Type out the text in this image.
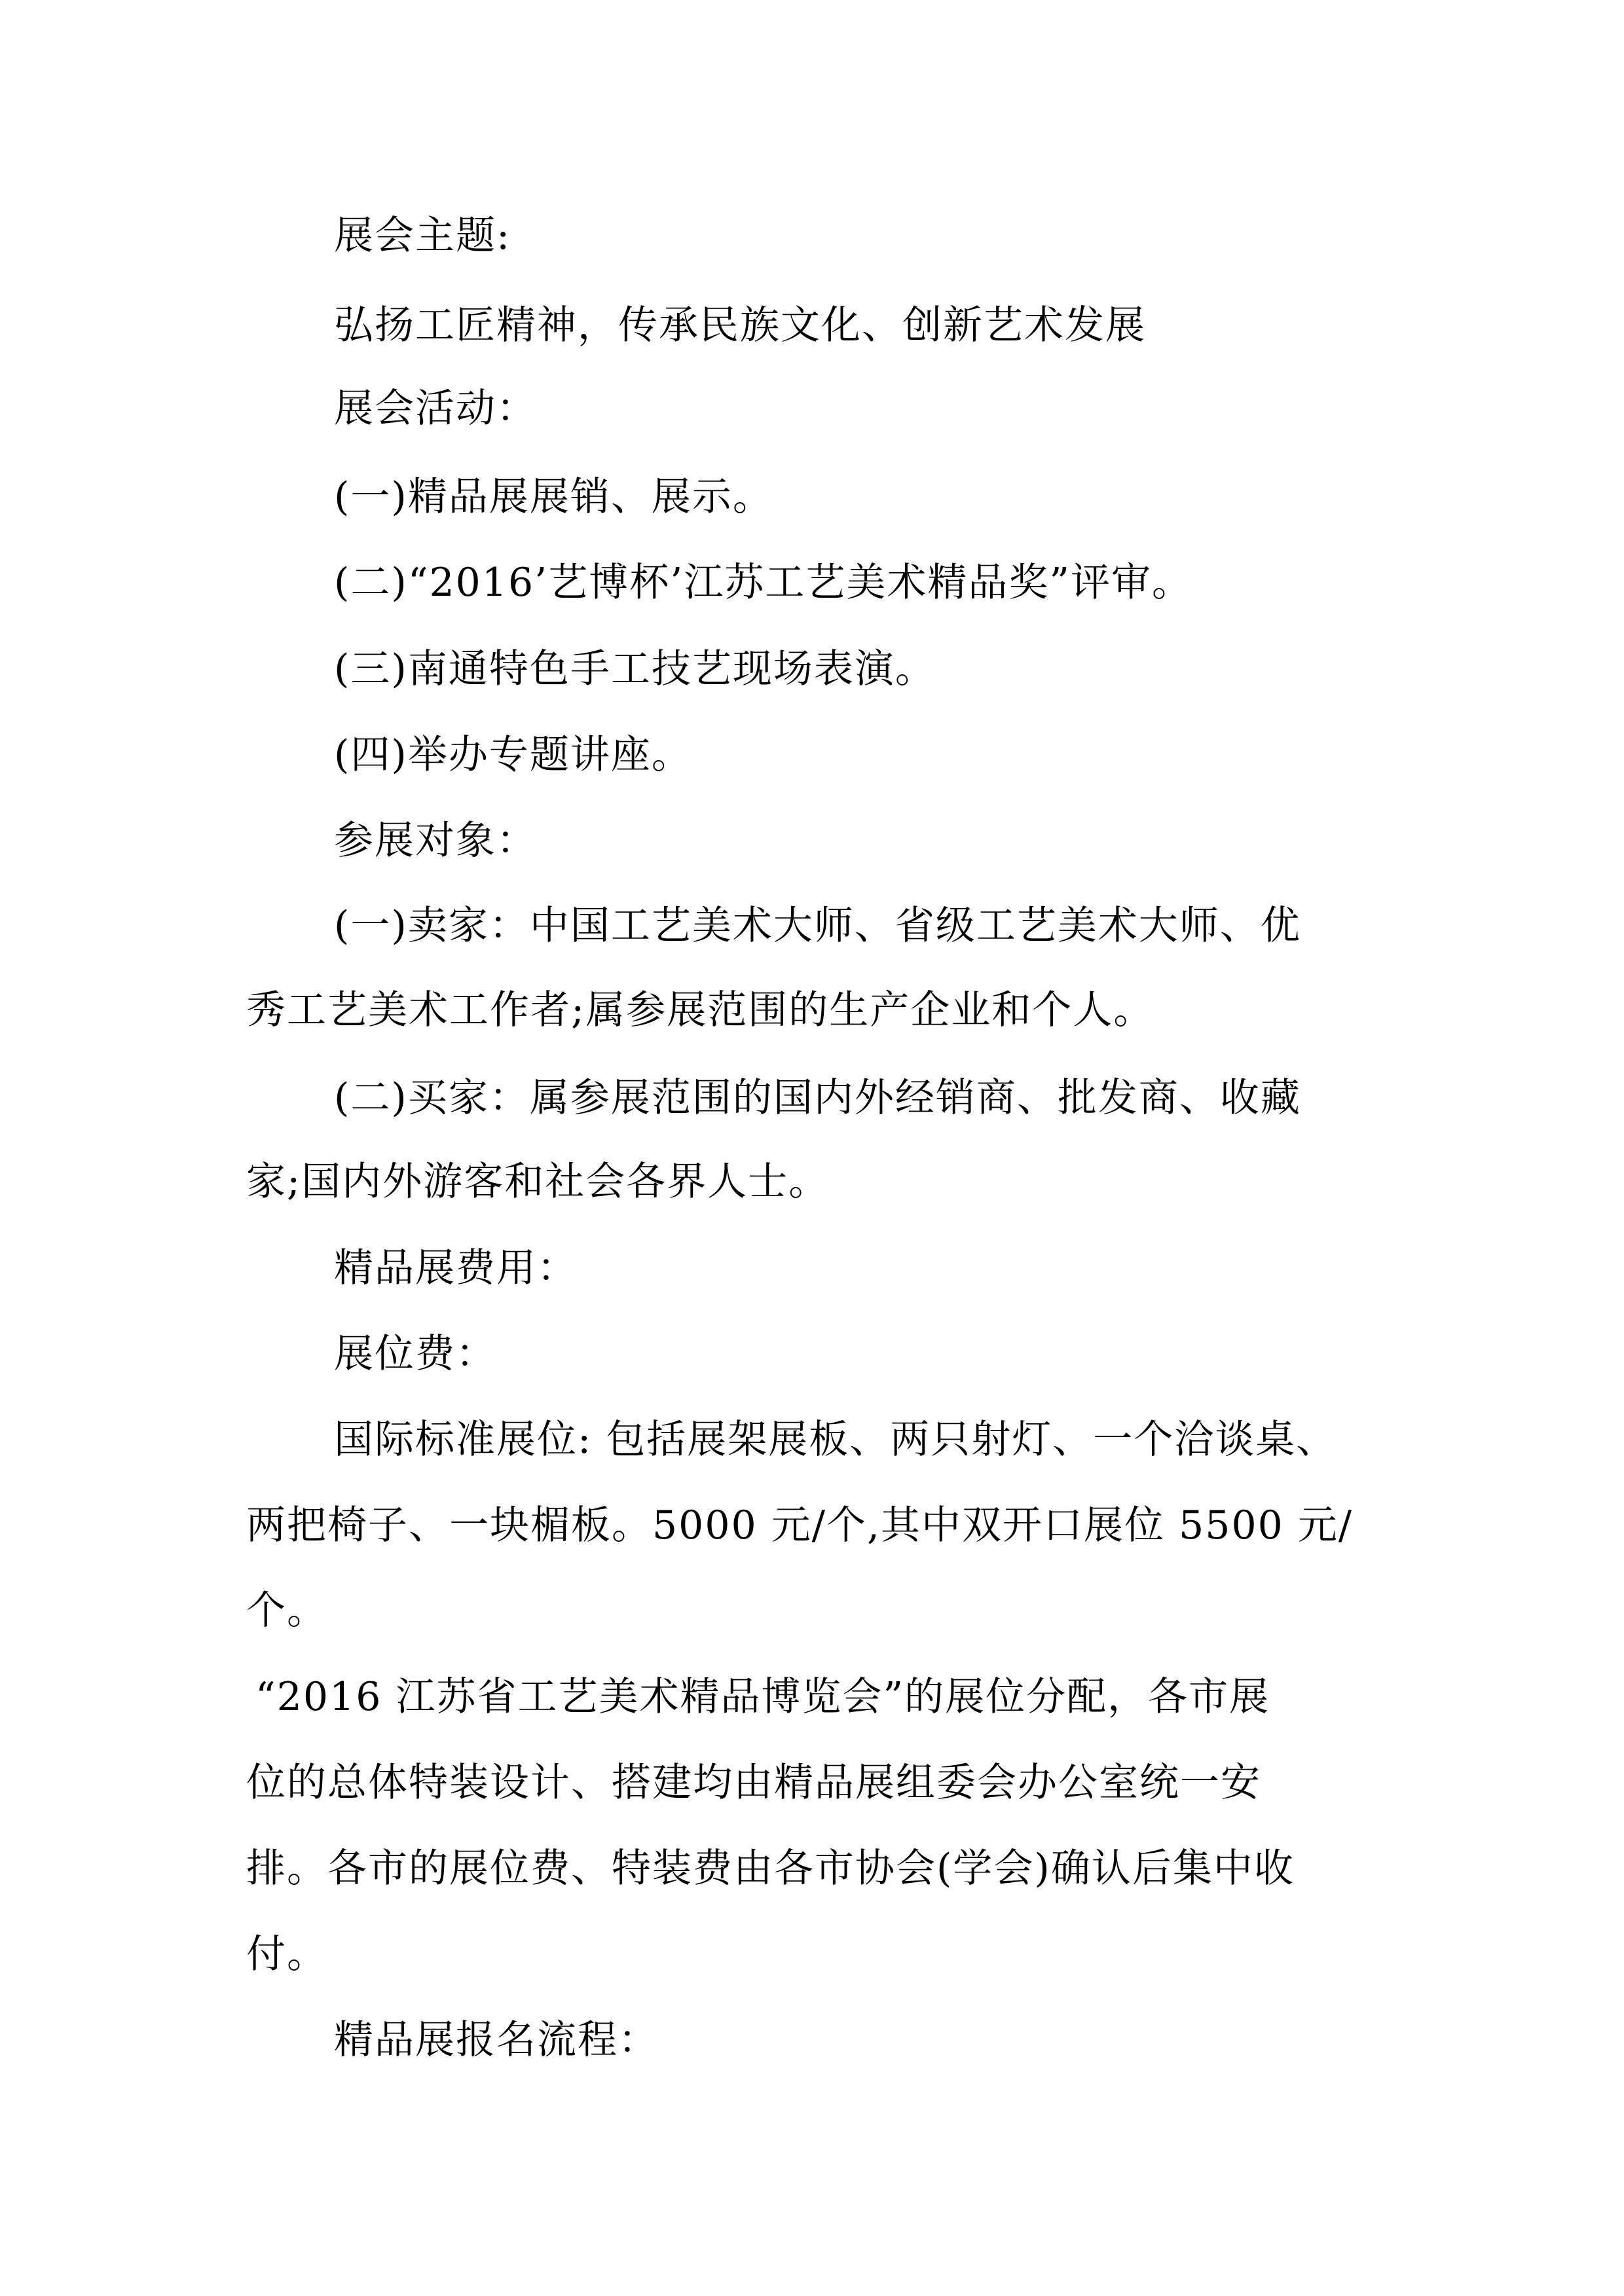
展会主题:
弘扬工匠精神，传承民族文化、创新艺术发展
展会活动：
(一)精品展展销、展示。
(二)“2016’艺博杯’江苏工艺美术精品奖”评审。
(三)南通特色手工技艺现场表演。
(四)举办专题讲座。
参展对象：
(一)卖家：中国工艺美术大师、省级工艺美术大师、优
秀工艺美术工作者;属参展范围的生产企业和个人。
(二)买家：属参展范围的国内外经销商、批发商、收藏
家;国内外游客和社会各界人士。
精品展费用：
展位费：
国际标准展位: 包括展架展板、两只射灯、一个洽谈桌、
两把椅子、一块楣板。5000 元/个,其中双开口展位 5500 元/
个。
“2016 江苏省工艺美术精品博览会”的展位分配，各市展
位的总体特装设计、搭建均由精品展组委会办公室统一安
排。各市的展位费、特装费由各市协会(学会)确认后集中收
付。
精品展报名流程：
